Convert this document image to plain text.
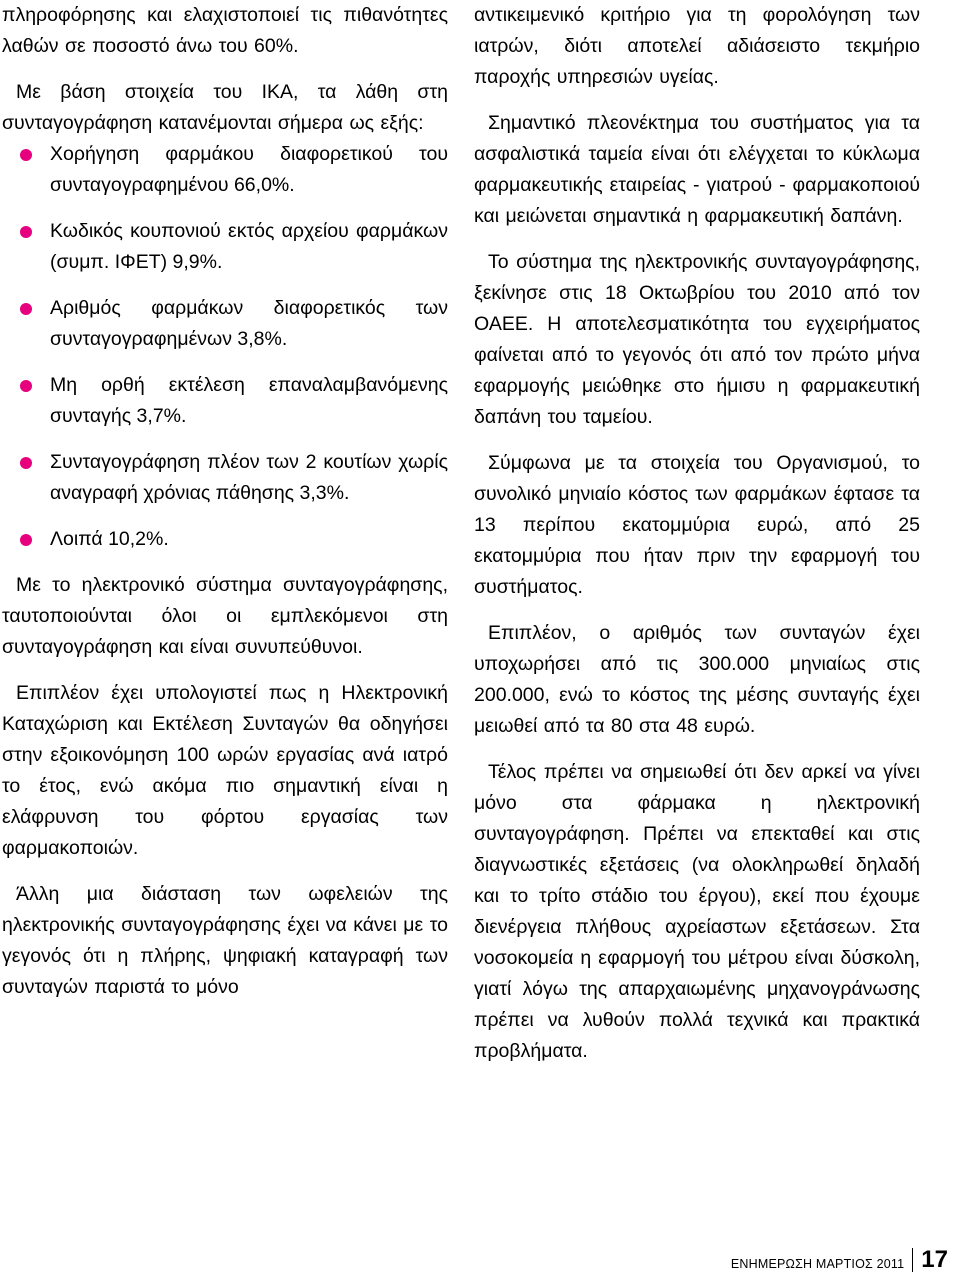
πληροφόρησης και ελαχιστοποιεί τις πιθανότητες λαθών σε ποσοστό άνω του 60%.

Με βάση στοιχεία του ΙΚΑ, τα λάθη στη συνταγογράφηση κατανέμονται σήμερα ως εξής:

Χορήγηση φαρμάκου διαφορετικού του συνταγογραφημένου 66,0%.
Κωδικός κουπονιού εκτός αρχείου φαρμάκων (συμπ. ΙΦΕΤ) 9,9%.
Αριθμός φαρμάκων διαφορετικός των συνταγογραφημένων 3,8%.
Μη ορθή εκτέλεση επαναλαμβανόμενης συνταγής 3,7%.
Συνταγογράφηση πλέον των 2 κουτίων χωρίς αναγραφή χρόνιας πάθησης 3,3%.
Λοιπά 10,2%.

Με το ηλεκτρονικό σύστημα συνταγογράφησης, ταυτοποιούνται όλοι οι εμπλεκόμενοι στη συνταγογράφηση και είναι συνυπεύθυνοι.

Επιπλέον έχει υπολογιστεί πως η Ηλεκτρονική Καταχώριση και Εκτέλεση Συνταγών θα οδηγήσει στην εξοικονόμηση 100 ωρών εργασίας ανά ιατρό το έτος, ενώ ακόμα πιο σημαντική είναι η ελάφρυνση του φόρτου εργασίας των φαρμακοποιών.

Άλλη μια διάσταση των ωφελειών της ηλεκτρονικής συνταγογράφησης έχει να κάνει με το γεγονός ότι η πλήρης, ψηφιακή καταγραφή των συνταγών παριστά το μόνο

αντικειμενικό κριτήριο για τη φορολόγηση των ιατρών, διότι αποτελεί αδιάσειστο τεκμήριο παροχής υπηρεσιών υγείας.

Σημαντικό πλεονέκτημα του συστήματος για τα ασφαλιστικά ταμεία είναι ότι ελέγχεται το κύκλωμα φαρμακευτικής εταιρείας - γιατρού - φαρμακοποιού και μειώνεται σημαντικά η φαρμακευτική δαπάνη.

Το σύστημα της ηλεκτρονικής συνταγογράφησης, ξεκίνησε στις 18 Οκτωβρίου του 2010 από τον ΟΑΕΕ. Η αποτελεσματικότητα του εγχειρήματος φαίνεται από το γεγονός ότι από τον πρώτο μήνα εφαρμογής μειώθηκε στο ήμισυ η φαρμακευτική δαπάνη του ταμείου.

Σύμφωνα με τα στοιχεία του Οργανισμού, το συνολικό μηνιαίο κόστος των φαρμάκων έφτασε τα 13 περίπου εκατομμύρια ευρώ, από 25 εκατομμύρια που ήταν πριν την εφαρμογή του συστήματος.

Επιπλέον, ο αριθμός των συνταγών έχει υποχωρήσει από τις 300.000 μηνιαίως στις 200.000, ενώ το κόστος της μέσης συνταγής έχει μειωθεί από τα 80 στα 48 ευρώ.

Τέλος πρέπει να σημειωθεί ότι δεν αρκεί να γίνει μόνο στα φάρμακα η ηλεκτρονική συνταγογράφηση. Πρέπει να επεκταθεί και στις διαγνωστικές εξετάσεις (να ολοκληρωθεί δηλαδή και το τρίτο στάδιο του έργου), εκεί που έχουμε διενέργεια πλήθους αχρείαστων εξετάσεων. Στα νοσοκομεία η εφαρμογή του μέτρου είναι δύσκολη, γιατί λόγω της απαρχαιωμένης μηχανογράνωσης πρέπει να λυθούν πολλά τεχνικά και πρακτικά προβλήματα.

ΕΝΗΜΕΡΩΣΗ ΜΑΡΤΙΟΣ 2011 17
